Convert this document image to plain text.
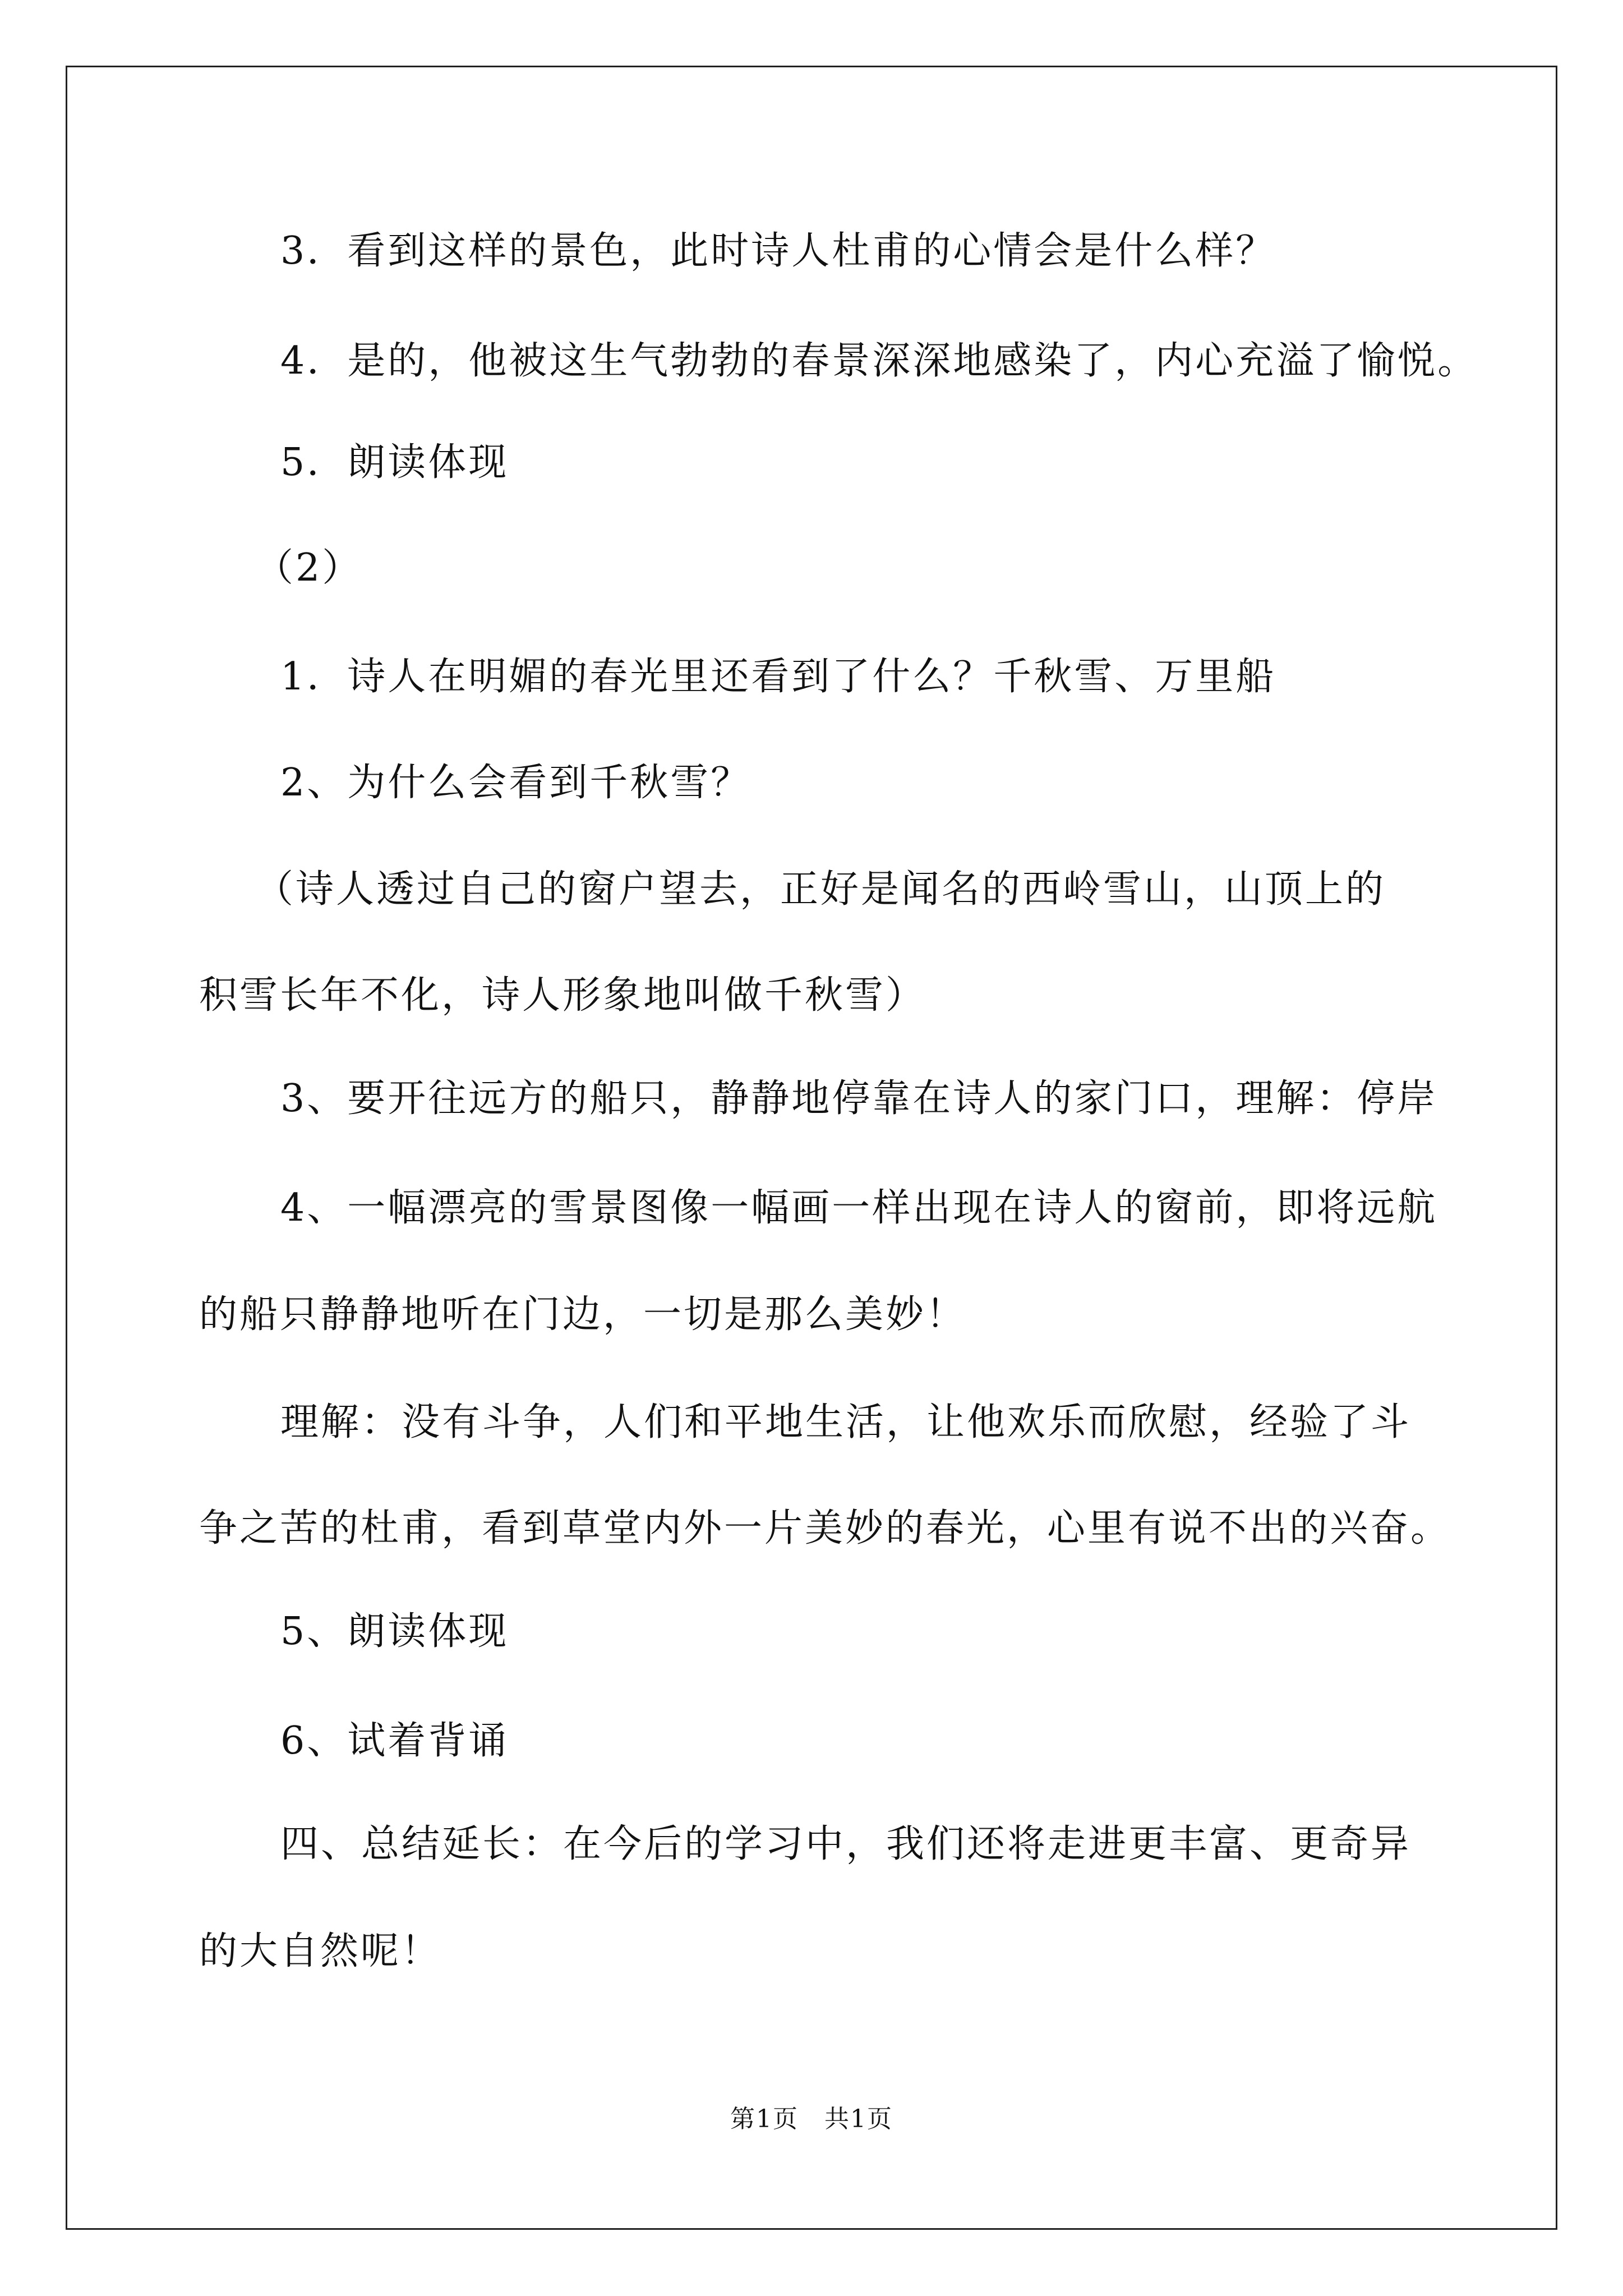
3．看到这样的景色，此时诗人杜甫的心情会是什么样？

4．是的，他被这生气勃勃的春景深深地感染了，内心充溢了愉悦。

5．朗读体现

（2）

1．诗人在明媚的春光里还看到了什么？千秋雪、万里船

2、为什么会看到千秋雪？

（诗人透过自己的窗户望去，正好是闻名的西岭雪山，山顶上的

积雪长年不化，诗人形象地叫做千秋雪）

3、要开往远方的船只，静静地停靠在诗人的家门口，理解：停岸

4、一幅漂亮的雪景图像一幅画一样出现在诗人的窗前，即将远航

的船只静静地听在门边，一切是那么美妙！

理解：没有斗争，人们和平地生活，让他欢乐而欣慰，经验了斗

争之苦的杜甫，看到草堂内外一片美妙的春光，心里有说不出的兴奋。

5、朗读体现

6、试着背诵

四、总结延长：在今后的学习中，我们还将走进更丰富、更奇异

的大自然呢！

第1页　共1页
